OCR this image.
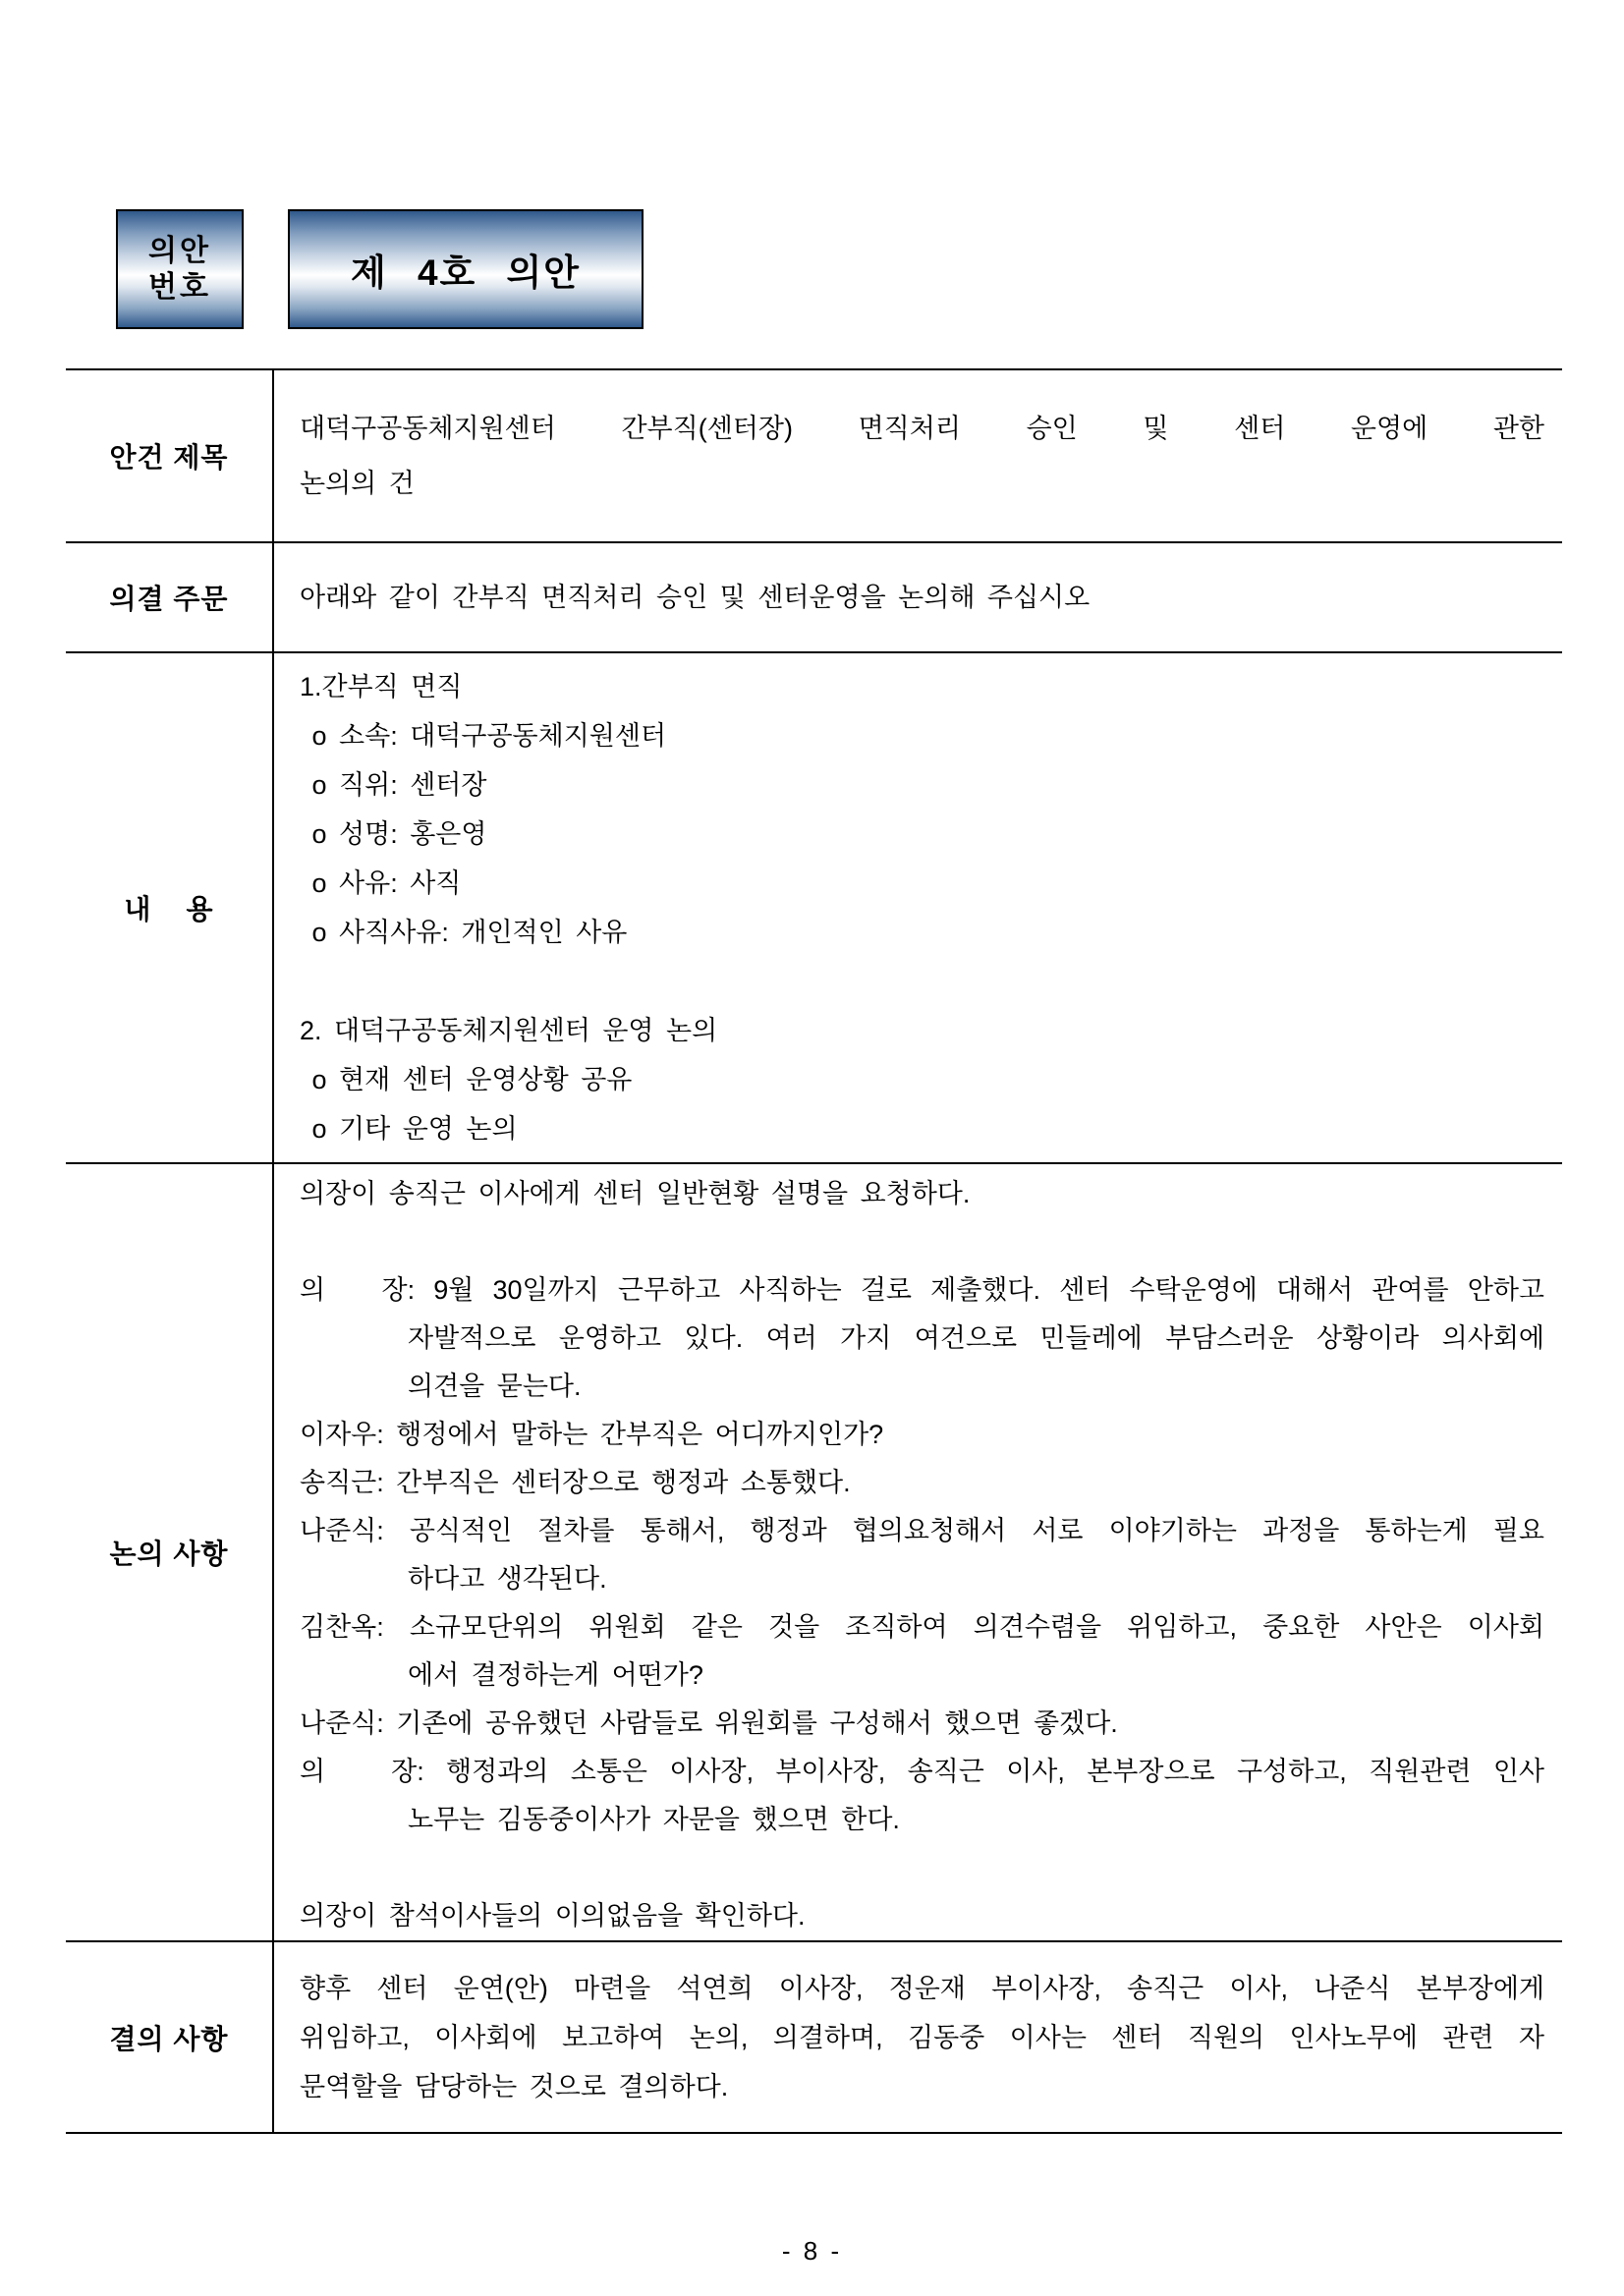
의안
번호	제 4호 의안
안건 제목
대덕구공동체지원센터 간부직(센터장) 면직처리 승인 및 센터 운영에 관한
논의의 건
의결 주문	아래와 같이 간부직 면직처리 승인 및 센터운영을 논의해 주십시오
내    용
1.간부직 면직
o 소속: 대덕구공동체지원센터
o 직위: 센터장
o 성명: 홍은영
o 사유: 사직
o 사직사유: 개인적인 사유

2. 대덕구공동체지원센터 운영 논의
o 현재 센터 운영상황 공유
o 기타 운영 논의
논의 사항
의장이 송직근 이사에게 센터 일반현황 설명을 요청하다.

의   장: 9월 30일까지 근무하고 사직하는 걸로 제출했다. 센터 수탁운영에 대해서 관여를 안하고
자발적으로 운영하고 있다. 여러 가지 여건으로 민들레에 부담스러운 상황이라 의사회에
의견을 묻는다.
이자우: 행정에서 말하는 간부직은 어디까지인가?
송직근: 간부직은 센터장으로 행정과 소통했다.
나준식: 공식적인 절차를 통해서, 행정과 협의요청해서 서로 이야기하는 과정을 통하는게 필요
하다고 생각된다.
김찬옥: 소규모단위의 위원회 같은 것을 조직하여 의견수렴을 위임하고, 중요한 사안은 이사회
에서 결정하는게 어떤가?
나준식: 기존에 공유했던 사람들로 위원회를 구성해서 했으면 좋겠다.
의   장: 행정과의 소통은 이사장, 부이사장, 송직근 이사, 본부장으로 구성하고, 직원관련 인사
노무는 김동중이사가 자문을 했으면 한다.

의장이 참석이사들의 이의없음을 확인하다.
결의 사항
향후 센터 운연(안) 마련을 석연희 이사장, 정운재 부이사장, 송직근 이사, 나준식 본부장에게
위임하고, 이사회에 보고하여 논의, 의결하며, 김동중 이사는 센터 직원의 인사노무에 관련 자
문역할을 담당하는 것으로 결의하다.
- 8 -
